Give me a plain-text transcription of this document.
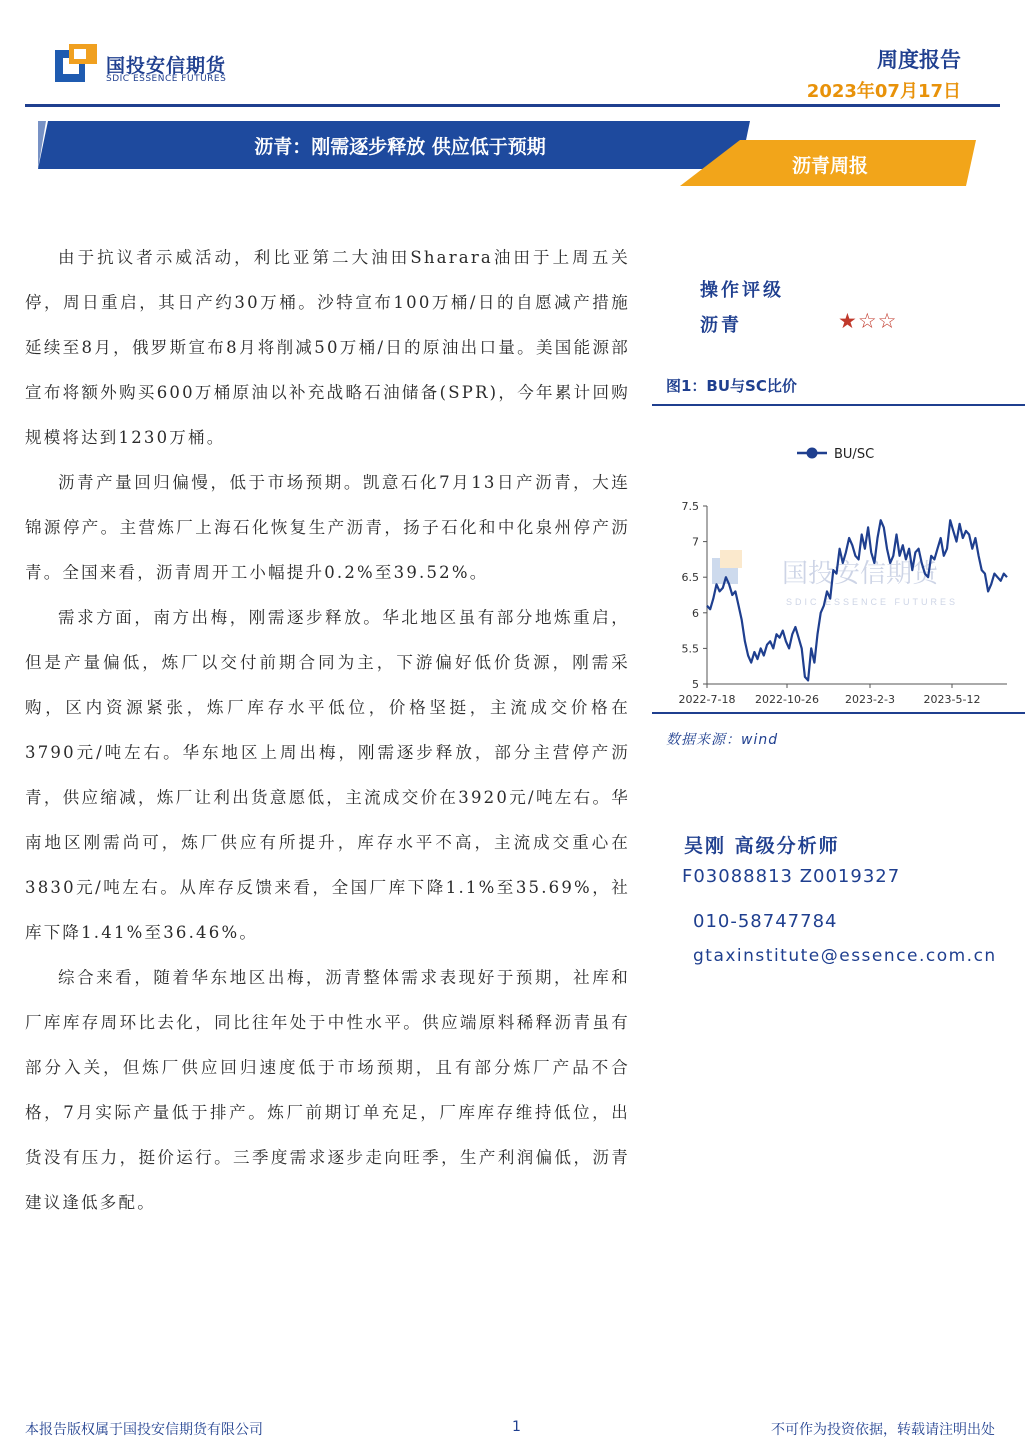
国投安信期货
SDIC ESSENCE FUTURES
周度报告
2023年07月17日
沥青：刚需逐步释放 供应低于预期
沥青周报

由于抗议者示威活动，利比亚第二大油田Sharara油田于上周五关停，周日重启，其日产约30万桶。沙特宣布100万桶/日的自愿减产措施延续至8月，俄罗斯宣布8月将削减50万桶/日的原油出口量。美国能源部宣布将额外购买600万桶原油以补充战略石油储备(SPR)，今年累计回购规模将达到1230万桶。

沥青产量回归偏慢，低于市场预期。凯意石化7月13日产沥青，大连锦源停产。主营炼厂上海石化恢复生产沥青，扬子石化和中化泉州停产沥青。全国来看，沥青周开工小幅提升0.2%至39.52%。

需求方面，南方出梅，刚需逐步释放。华北地区虽有部分地炼重启，但是产量偏低，炼厂以交付前期合同为主，下游偏好低价货源，刚需采购，区内资源紧张，炼厂库存水平低位，价格坚挺，主流成交价格在3790元/吨左右。华东地区上周出梅，刚需逐步释放，部分主营停产沥青，供应缩减，炼厂让利出货意愿低，主流成交价在3920元/吨左右。华南地区刚需尚可，炼厂供应有所提升，库存水平不高，主流成交重心在3830元/吨左右。从库存反馈来看，全国厂库下降1.1%至35.69%，社库下降1.41%至36.46%。

综合来看，随着华东地区出梅，沥青整体需求表现好于预期，社库和厂库库存周环比去化，同比往年处于中性水平。供应端原料稀释沥青虽有部分入关，但炼厂供应回归速度低于市场预期，且有部分炼厂产品不合格，7月实际产量低于排产。炼厂前期订单充足，厂库库存维持低位，出货没有压力，挺价运行。三季度需求逐步走向旺季，生产利润偏低，沥青建议逢低多配。

操作评级
沥青	★☆☆
图1：BU与SC比价
国投安信期货
SDIC ESSENCE FUTURES
5
5.5
6
6.5
7
7.5
2022-7-18 2022-10-26 2023-2-3	2023-5-12
BU/SC
数据来源：wind
吴刚 高级分析师
F03088813 Z0019327
010-58747784
gtaxinstitute@essence.com.cn
本报告版权属于国投安信期货有限公司	1	不可作为投资依据，转载请注明出处
